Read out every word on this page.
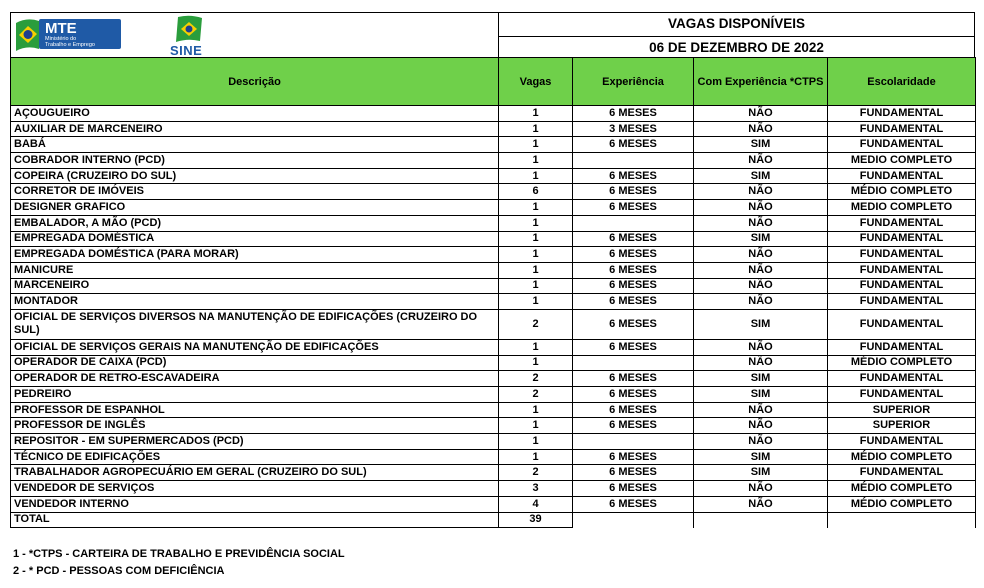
MTE
Ministério do
Trabalho e Emprego	SINE
VAGAS DISPONÍVEIS
06 DE DEZEMBRO DE 2022
Descrição	Vagas	Experiência	Com Experiência *CTPS	Escolaridade
AÇOUGUEIRO	1	6 MESES	NÃO	FUNDAMENTAL
AUXILIAR DE MARCENEIRO	1	3 MESES	NÃO	FUNDAMENTAL
BABÁ	1	6 MESES	SIM	FUNDAMENTAL
COBRADOR INTERNO (PCD)	1		NÃO	MEDIO COMPLETO
COPEIRA (CRUZEIRO DO SUL)	1	6 MESES	SIM	FUNDAMENTAL
CORRETOR DE IMÓVEIS	6	6 MESES	NÃO	MÉDIO COMPLETO
DESIGNER GRAFICO	1	6 MESES	NÃO	MEDIO COMPLETO
EMBALADOR, A MÃO (PCD)	1		NÃO	FUNDAMENTAL
EMPREGADA DOMÉSTICA	1	6 MESES	SIM	FUNDAMENTAL
EMPREGADA DOMÉSTICA (PARA MORAR)	1	6 MESES	NÃO	FUNDAMENTAL
MANICURE	1	6 MESES	NÃO	FUNDAMENTAL
MARCENEIRO	1	6 MESES	NÃO	FUNDAMENTAL
MONTADOR	1	6 MESES	NÃO	FUNDAMENTAL
OFICIAL DE SERVIÇOS DIVERSOS NA MANUTENÇÃO DE EDIFICAÇÕES (CRUZEIRO DO SUL)	2	6 MESES	SIM	FUNDAMENTAL
OFICIAL DE SERVIÇOS GERAIS NA MANUTENÇÃO DE EDIFICAÇÕES	1	6 MESES	NÃO	FUNDAMENTAL
OPERADOR DE CAIXA (PCD)	1		NÃO	MÉDIO COMPLETO
OPERADOR DE RETRO-ESCAVADEIRA	2	6 MESES	SIM	FUNDAMENTAL
PEDREIRO	2	6 MESES	SIM	FUNDAMENTAL
PROFESSOR DE ESPANHOL	1	6 MESES	NÃO	SUPERIOR
PROFESSOR DE INGLÊS	1	6 MESES	NÃO	SUPERIOR
REPOSITOR - EM SUPERMERCADOS (PCD)	1		NÃO	FUNDAMENTAL
TÉCNICO DE EDIFICAÇÕES	1	6 MESES	SIM	MÉDIO COMPLETO
TRABALHADOR AGROPECUÁRIO EM GERAL (CRUZEIRO DO SUL)	2	6 MESES	SIM	FUNDAMENTAL
VENDEDOR DE SERVIÇOS	3	6 MESES	NÃO	MÉDIO COMPLETO
VENDEDOR INTERNO	4	6 MESES	NÃO	MÉDIO COMPLETO
TOTAL	39			
1 - *CTPS - CARTEIRA DE TRABALHO E PREVIDÊNCIA SOCIAL
2 - * PCD - PESSOAS COM DEFICIÊNCIA
